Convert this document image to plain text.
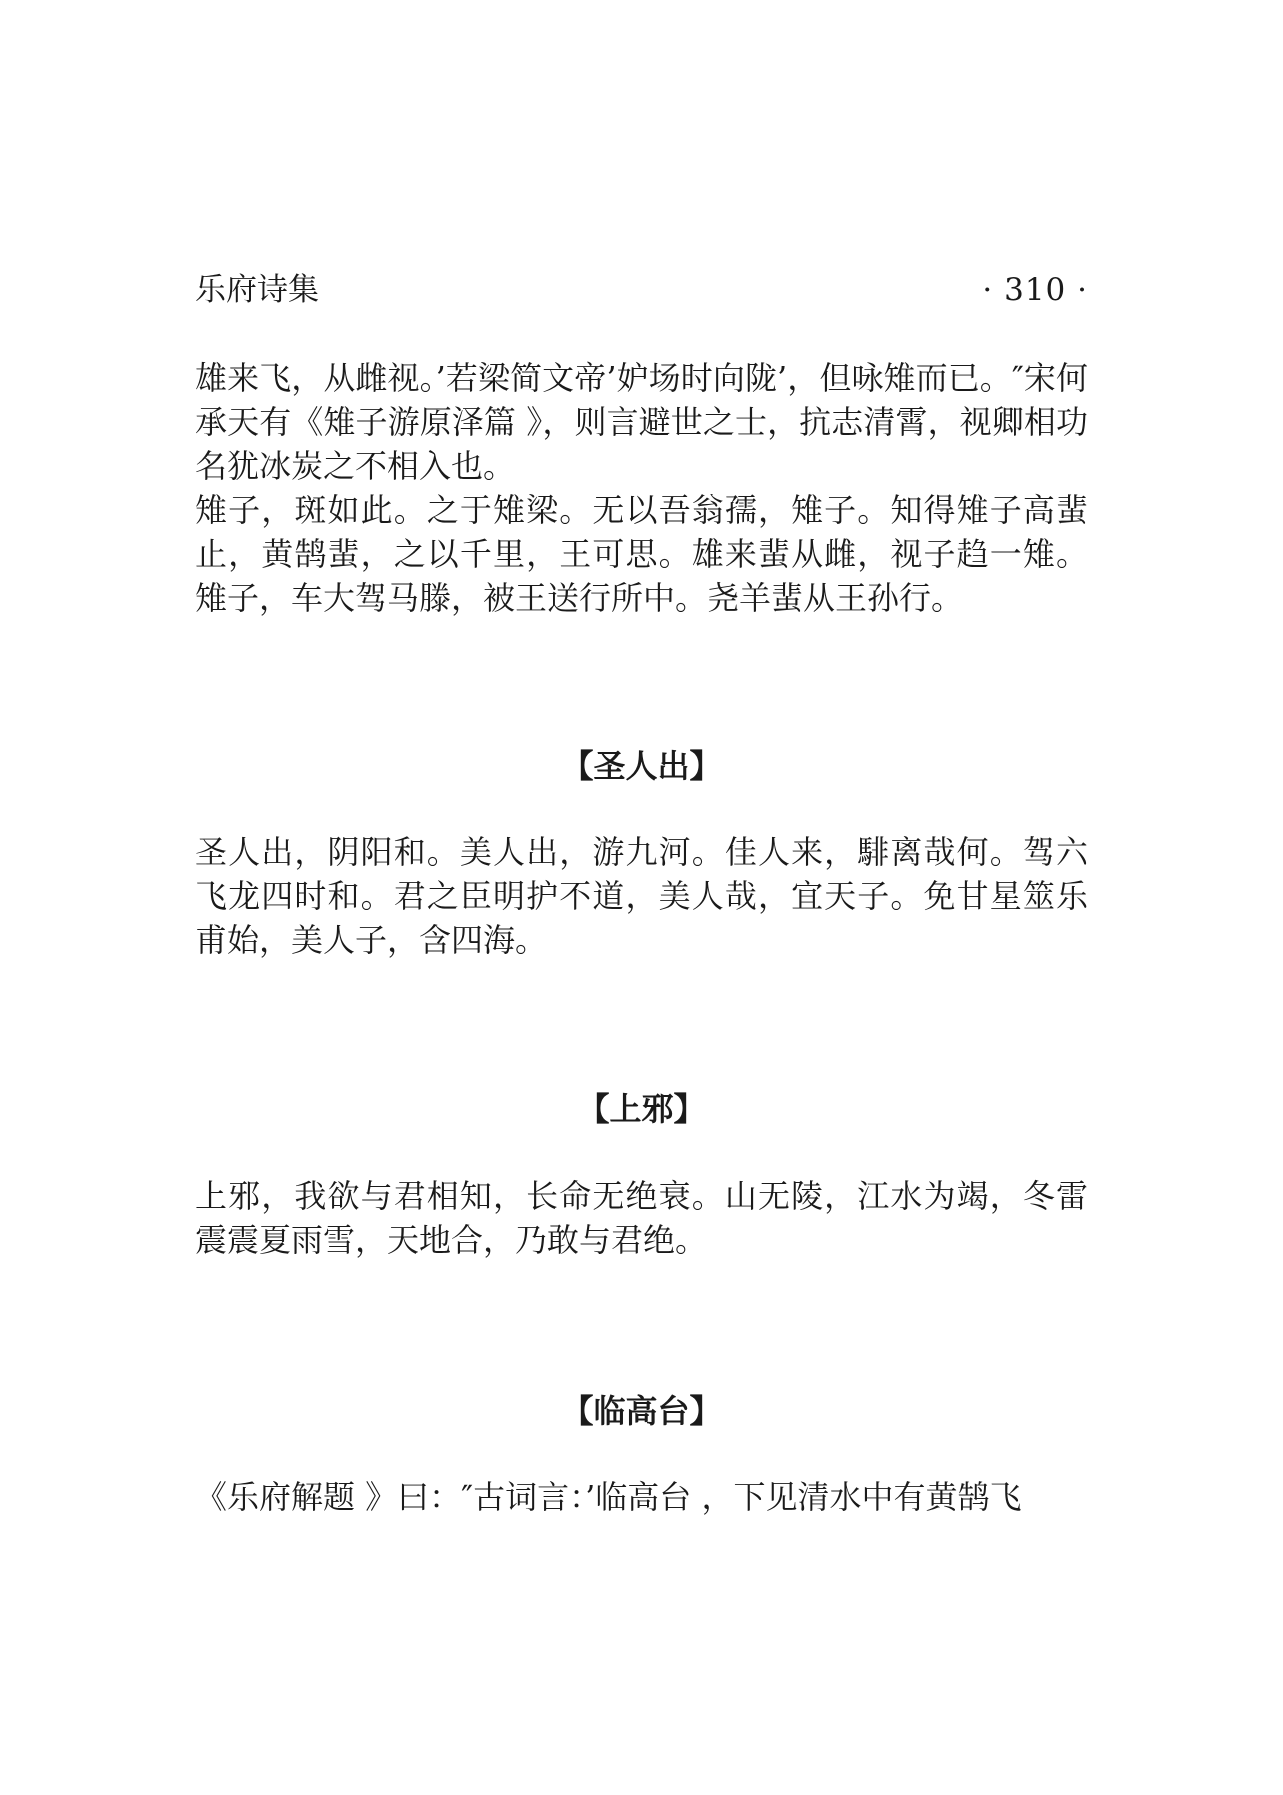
乐府诗集	· 310 ·

雄来飞，从雌视。’若梁简文帝’妒场时向陇’，但咏雉而已。″宋何承天有《雉子游原泽篇 》，则言避世之士，抗志清霄，视卿相功名犹冰炭之不相入也。

雉子，斑如此。之于雉梁。无以吾翁孺，雉子。知得雉子高蜚止，黄鹄蜚，之以千里，王可思。雄来蜚从雌，视子趋一雉。雉子，车大驾马滕，被王送行所中。尧羊蜚从王孙行。

【圣人出】

圣人出，阴阳和。美人出，游九河。佳人来，騑离哉何。驾六飞龙四时和。君之臣明护不道，美人哉，宜天子。免甘星筮乐甫始，美人子，含四海。

【上邪】

上邪，我欲与君相知，长命无绝衰。山无陵，江水为竭，冬雷震震夏雨雪，天地合，乃敢与君绝。

【临高台】

《乐府解题 》曰：″古词言：’临高台 ，下见清水中有黄鹄飞
